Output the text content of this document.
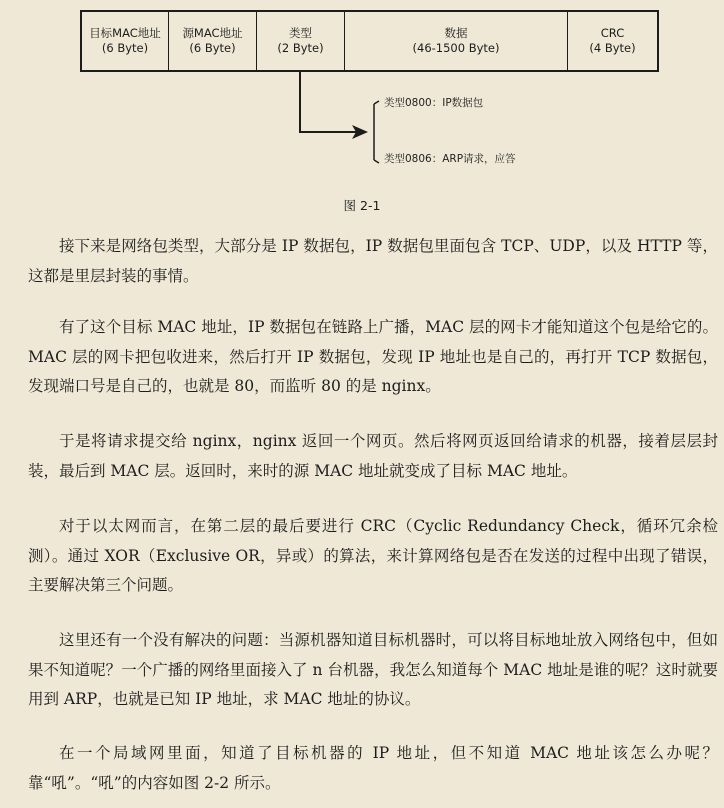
目标MAC地址
(6 Byte)
源MAC地址
(6 Byte)
类型
(2 Byte)
数据
(46-1500 Byte)
CRC
(4 Byte)
类型0800：IP数据包
类型0806：ARP请求，应答
图 2-1

接下来是网络包类型，大部分是 IP 数据包，IP 数据包里面包含 TCP、UDP，以及 HTTP 等，这都是里层封装的事情。

有了这个目标 MAC 地址，IP 数据包在链路上广播，MAC 层的网卡才能知道这个包是给它的。MAC 层的网卡把包收进来，然后打开 IP 数据包，发现 IP 地址也是自己的，再打开 TCP 数据包，发现端口号是自己的，也就是 80，而监听 80 的是 nginx。

于是将请求提交给 nginx，nginx 返回一个网页。然后将网页返回给请求的机器，接着层层封装，最后到 MAC 层。返回时，来时的源 MAC 地址就变成了目标 MAC 地址。

对于以太网而言，在第二层的最后要进行 CRC（Cyclic Redundancy Check，循环冗余检测）。通过 XOR（Exclusive OR，异或）的算法，来计算网络包是否在发送的过程中出现了错误，主要解决第三个问题。

这里还有一个没有解决的问题：当源机器知道目标机器时，可以将目标地址放入网络包中，但如果不知道呢？一个广播的网络里面接入了 n 台机器，我怎么知道每个 MAC 地址是谁的呢？这时就要用到 ARP，也就是已知 IP 地址，求 MAC 地址的协议。

在一个局域网里面，知道了目标机器的 IP 地址，但不知道 MAC 地址该怎么办呢？靠“吼”。“吼”的内容如图 2-2 所示。
